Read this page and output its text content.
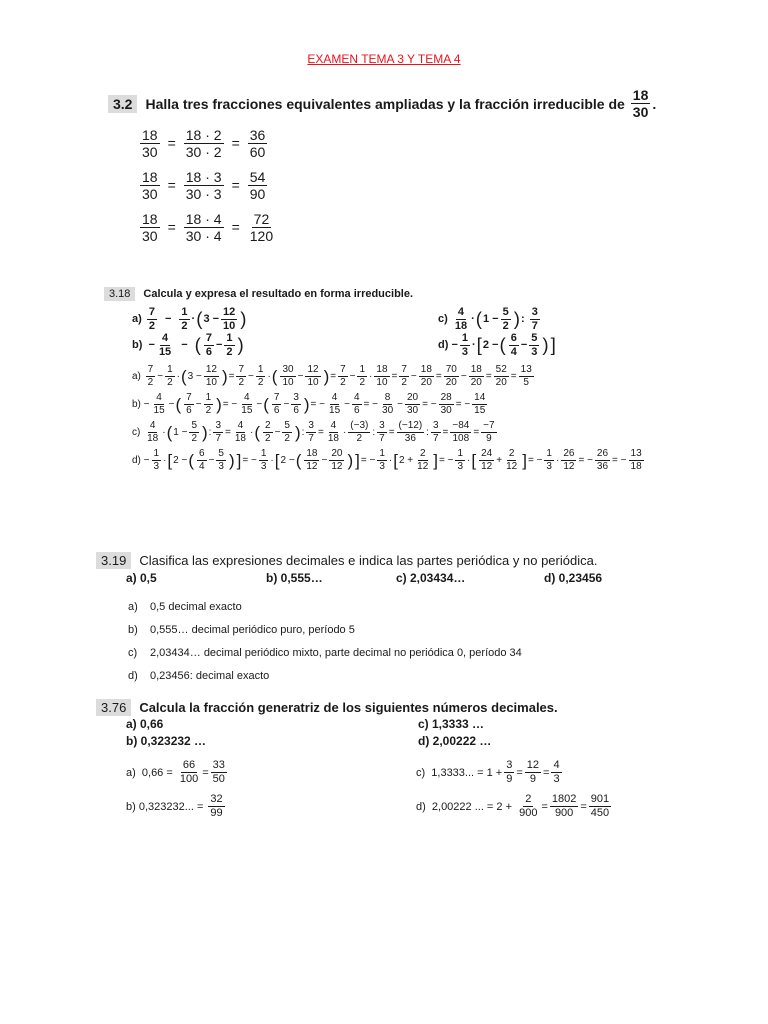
EXAMEN TEMA 3 Y TEMA 4
3.2 Halla tres fracciones equivalentes ampliadas y la fracción irreducible de
18
30
.
$\frac{18}{30} = \frac{18 \cdot 2}{30 \cdot 2} = \frac{36}{60}$
$\frac{18}{30} = \frac{18 \cdot 3}{30 \cdot 3} = \frac{54}{90}$
$\frac{18}{30} = \frac{18 \cdot 4}{30 \cdot 4} = \frac{72}{120}$
3.18	Calcula y expresa el resultado en forma irreducible.
a)

7
2
− $\frac{1}{2}$ · ( 3 −
12
10 )	c)
4
18
· ( 1 −
5
2 ) :
3
7
b) −
4
15
− ( 7
6
−
1
2 )	d) −
1
3
· [ 2 − ( 6
4
−
5
3 ) ]
a)
7
2
−
1
2
· ( 3 −
12
10 ) =
7
2
−
1
2
· ( 30
10
−
12
10 ) =
7
2
−
1
2
·
18
10
=
7
2
−
18
20
=
70
20
−
18
20
=
52
20
=
13
5
b) −
4
15
− ( 7
6
−
1
2 ) = −
4
15
− ( 7
6
−
3
6 ) = −
4
15
−
4
6
= −
8
30
−
20
30
= −
28
30
= −
14
15
c)
4
18
· ( 1 −
5
2 ) :
3
7
=
4
18
· ( 2
2
−
5
2 ) :
3
7
=
4
18
·
(−3)
2
:
3
7
=
(−12)
36
:
3
7
=
−84
108
=
−7
9
d) −
1
3
· [ 2 − ( 6
4
−
5
3 ) ] = −
1
3
· [ 2 − ( 18
12
−
20
12 ) ] = −
1
3
· [ 2 +
2
12 ] = −
1
3
· [ 24
12
+
2
12 ] = −
1
3
·
26
12
= −
26
36
= −
13
18
3.19	Clasifica las expresiones decimales e indica las partes periódica y no periódica.
a) 0,5	b) 0,555…	c) 2,03434…	d) 0,23456
a)	0,5 decimal exacto
b)	0,555… decimal periódico puro, período 5
c)	2,03434… decimal periódico mixto, parte decimal no periódica 0, período 34
d)	0,23456: decimal exacto
3.76	Calcula la fracción generatriz de los siguientes números decimales.
a) 0,66
b) 0,323232 …
c) 1,3333 …
d) 2,00222 …
a)  0,66 =
66
100
=
33
50
c)  1,3333... = 1 +
3
9
=
12
9
=
4
3
b) 0,323232... =
32
99
d)  2,00222 ... = 2 +
2
900
=
1802
900
=
901
450
